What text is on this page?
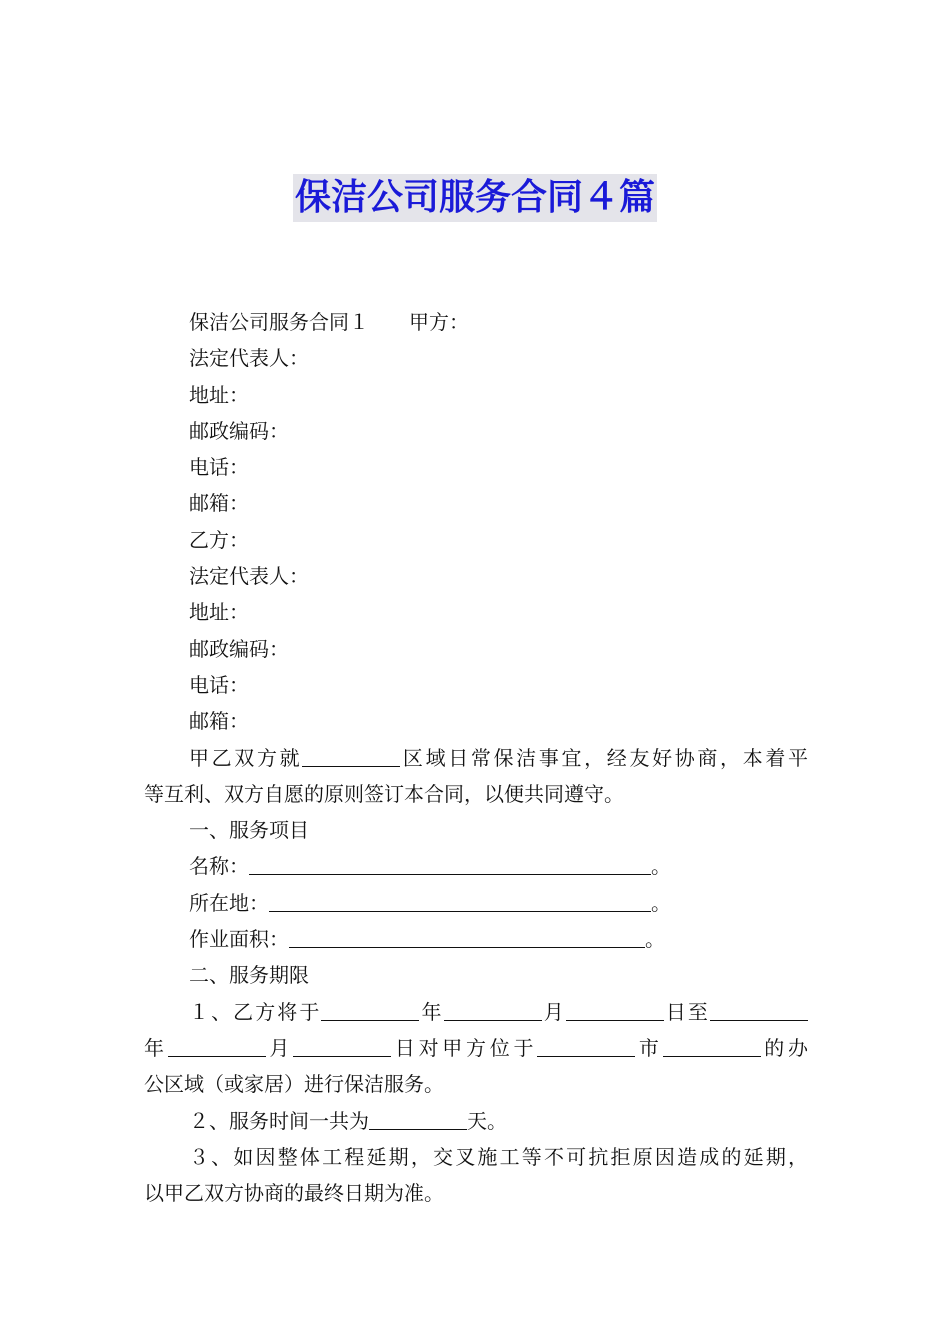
保洁公司服务合同４篇
保洁公司服务合同１ 甲方：
法定代表人：
地址：
邮政编码：
电话：
邮箱：
乙方：
法定代表人：
地址：
邮政编码：
电话：
邮箱：
甲乙双方就	区域日常保洁事宜，经友好协商，本着平
等互利、双方自愿的原则签订本合同，以便共同遵守。
一、服务项目
名称：	。
所在地：	。
作业面积：	。
二、服务期限
１、乙方将于	年	月	日至
年	月	日对甲方位于	市	的办
公区域（或家居）进行保洁服务。
２、服务时间一共为	天。
３、如因整体工程延期，交叉施工等不可抗拒原因造成的延期，
以甲乙双方协商的最终日期为准。
